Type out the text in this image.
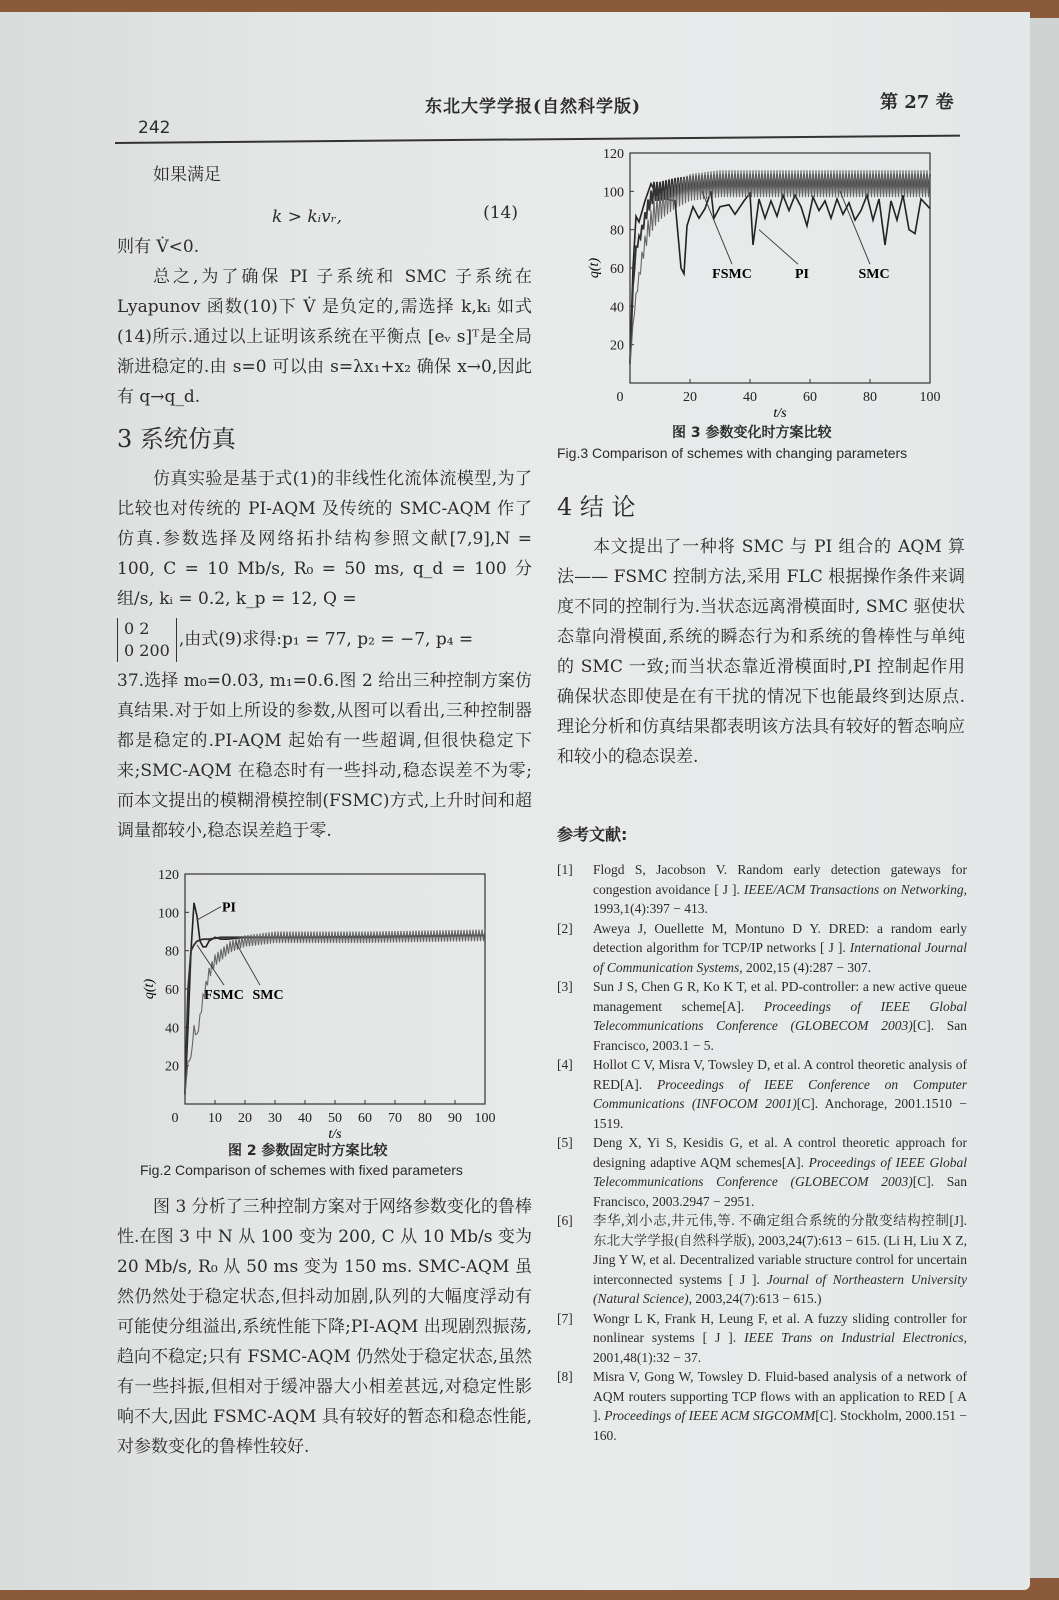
242
东北大学学报(自然科学版)	第 27 卷

如果满足

k > kᵢvᵣ,	(14)

则有 V̇<0.

总之,为了确保 PI 子系统和 SMC 子系统在 Lyapunov 函数(10)下 V̇ 是负定的,需选择 k,kᵢ 如式(14)所示.通过以上证明该系统在平衡点 [eᵥ s]ᵀ是全局渐进稳定的.由 s=0 可以由 s=λx₁+x₂ 确保 x→0,因此有 q→q_d.

3 系统仿真

仿真实验是基于式(1)的非线性化流体流模型,为了比较也对传统的 PI-AQM 及传统的 SMC-AQM 作了仿真.参数选择及网络拓扑结构参照文献[7,9],N = 100, C = 10 Mb/s, R₀ = 50 ms, q_d = 100 分组/s, kᵢ = 0.2, k_p = 12, Q =

0 2
0 200,由式(9)求得:p₁ = 77, p₂ = −7, p₄ =

37.选择 m₀=0.03, m₁=0.6.图 2 给出三种控制方案仿真结果.对于如上所设的参数,从图可以看出,三种控制器都是稳定的.PI-AQM 起始有一些超调,但很快稳定下来;SMC-AQM 在稳态时有一些抖动,稳态误差不为零;而本文提出的模糊滑模控制(FSMC)方式,上升时间和超调量都较小,稳态误差趋于零.

20
40
60
80
100
120
0 10 20 30 40 50 60 70 80 90 100
t/s
q(t)
PI
FSMC SMC
图 2 参数固定时方案比较
Fig.2 Comparison of schemes with fixed parameters

图 3 分析了三种控制方案对于网络参数变化的鲁棒性.在图 3 中 N 从 100 变为 200, C 从 10 Mb/s 变为 20 Mb/s, R₀ 从 50 ms 变为 150 ms. SMC-AQM 虽然仍然处于稳定状态,但抖动加剧,队列的大幅度浮动有可能使分组溢出,系统性能下降;PI-AQM 出现剧烈振荡,趋向不稳定;只有 FSMC-AQM 仍然处于稳定状态,虽然有一些抖振,但相对于缓冲器大小相差甚远,对稳定性影响不大,因此 FSMC-AQM 具有较好的暂态和稳态性能,对参数变化的鲁棒性较好.

20
40
60
80
100
120
0	20	40	60	80	100
t/s
q(t)	FSMC	PI	SMC
图 3 参数变化时方案比较
Fig.3 Comparison of schemes with changing parameters
4 结 论

本文提出了一种将 SMC 与 PI 组合的 AQM 算法—— FSMC 控制方法,采用 FLC 根据操作条件来调度不同的控制行为.当状态远离滑模面时, SMC 驱使状态靠向滑模面,系统的瞬态行为和系统的鲁棒性与单纯的 SMC 一致;而当状态靠近滑模面时,PI 控制起作用确保状态即使是在有干扰的情况下也能最终到达原点.理论分析和仿真结果都表明该方法具有较好的暂态响应和较小的稳态误差.

参考文献:
[1]	Flogd S, Jacobson V. Random early detection gateways for congestion avoidance [ J ]. IEEE/ACM Transactions on Networking, 1993,1(4):397 − 413.
[2]	Aweya J, Ouellette M, Montuno D Y. DRED: a random early detection algorithm for TCP/IP networks [ J ]. International Journal of Communication Systems, 2002,15 (4):287 − 307.
[3]	Sun J S, Chen G R, Ko K T, et al. PD-controller: a new active queue management scheme[A]. Proceedings of IEEE Global Telecommunications Conference (GLOBECOM 2003)[C]. San Francisco, 2003.1 − 5.
[4]	Hollot C V, Misra V, Towsley D, et al. A control theoretic analysis of RED[A]. Proceedings of IEEE Conference on Computer Communications (INFOCOM 2001)[C]. Anchorage, 2001.1510 − 1519.
[5]	Deng X, Yi S, Kesidis G, et al. A control theoretic approach for designing adaptive AQM schemes[A]. Proceedings of IEEE Global Telecommunications Conference (GLOBECOM 2003)[C]. San Francisco, 2003.2947 − 2951.
[6]	李华,刘小志,井元伟,等. 不确定组合系统的分散变结构控制[J]. 东北大学学报(自然科学版), 2003,24(7):613 − 615. (Li H, Liu X Z, Jing Y W, et al. Decentralized variable structure control for uncertain interconnected systems [ J ]. Journal of Northeastern University (Natural Science), 2003,24(7):613 − 615.)
[7]	Wongr L K, Frank H, Leung F, et al. A fuzzy sliding controller for nonlinear systems [ J ]. IEEE Trans on Industrial Electronics, 2001,48(1):32 − 37.
[8]	Misra V, Gong W, Towsley D. Fluid-based analysis of a network of AQM routers supporting TCP flows with an application to RED [ A ]. Proceedings of IEEE ACM SIGCOMM[C]. Stockholm, 2000.151 − 160.
